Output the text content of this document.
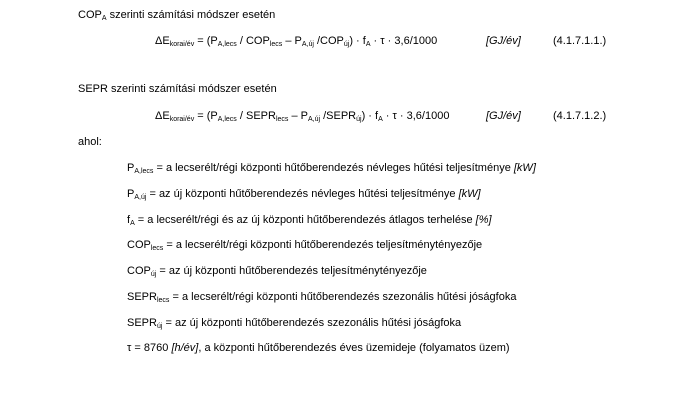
$COP_A$ szerinti számítási módszer esetén
$\Delta E_{korai/év} = (P_{A,lecs} / COP_{lecs} - P_{A,új}$ $/COP_{új}) \cdot f_A \cdot \tau \cdot 3,6/1000$	[GJ/év]	(4.1.7.1.1.)
SEPR szerinti számítási módszer esetén
$\Delta E_{korai/év} = (P_{A,lecs}$ / $SEPR_{lecs} - P_{A,új}$ $/SEPR_{új}) \cdot f_A \cdot \tau \cdot 3,6/1000$	[GJ/év]	(4.1.7.1.2.)
ahol:
$P_{A,lecs} = a$ lecserélt/régi központi hűtőberendezés névleges hűtési teljesítménye [kW]
$P_{A,új}$ = az új központi hűtőberendezés névleges hűtési teljesítménye [kW]
$f_A = a$ lecserélt/régi és az új központi hűtőberendezés átlagos terhelése [%]
$COP_{lecs} = a$ lecserélt/régi központi hűtőberendezés teljesítménytényezője
$COP_{új}$ = az új központi hűtőberendezés teljesítménytényezője
$SEPR_{lecs} = a$ lecserélt/régi központi hűtőberendezés szezonális hűtési jóságfoka
$SEPR_{új}$ = az új központi hűtőberendezés szezonális hűtési jóságfoka
τ = 8760 [h/év], a központi hűtőberendezés éves üzemideje (folyamatos üzem)
